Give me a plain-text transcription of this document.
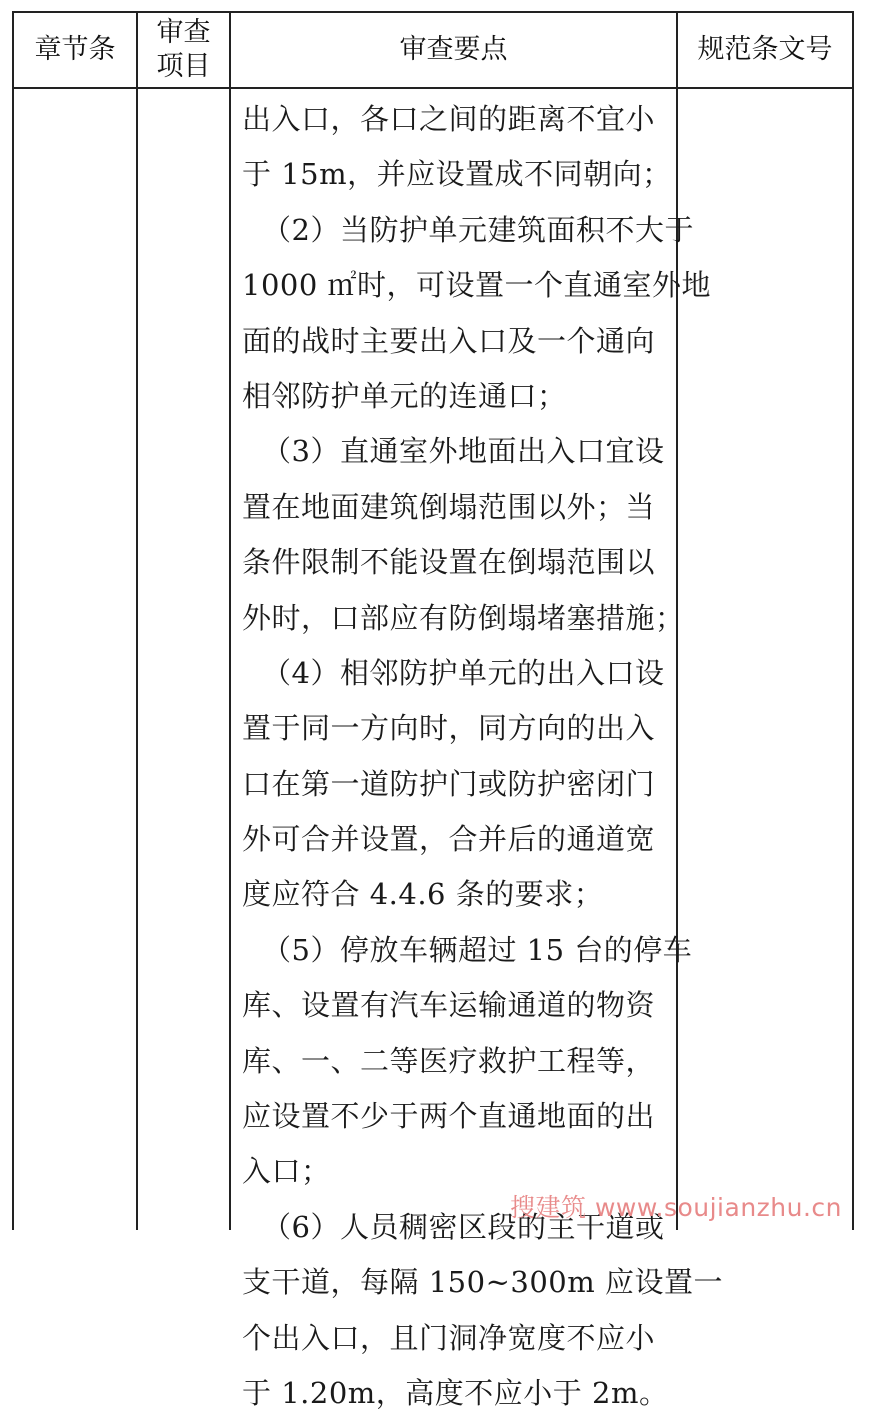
章节条
审查
项目
审查要点	规范条文号
出入口，各口之间的距离不宜小
于 15m，并应设置成不同朝向；
（2）当防护单元建筑面积不大于
1000 ㎡时，可设置一个直通室外地
面的战时主要出入口及一个通向
相邻防护单元的连通口；
（3）直通室外地面出入口宜设
置在地面建筑倒塌范围以外；当
条件限制不能设置在倒塌范围以
外时，口部应有防倒塌堵塞措施；
（4）相邻防护单元的出入口设
置于同一方向时，同方向的出入
口在第一道防护门或防护密闭门
外可合并设置，合并后的通道宽
度应符合 4.4.6 条的要求；
（5）停放车辆超过 15 台的停车
库、设置有汽车运输通道的物资
库、一、二等医疗救护工程等，
应设置不少于两个直通地面的出
入口；
（6）人员稠密区段的主干道或
支干道，每隔 150~300m 应设置一
个出入口，且门洞净宽度不应小
于 1.20m，高度不应小于 2m。
搜建筑 www.soujianzhu.cn
